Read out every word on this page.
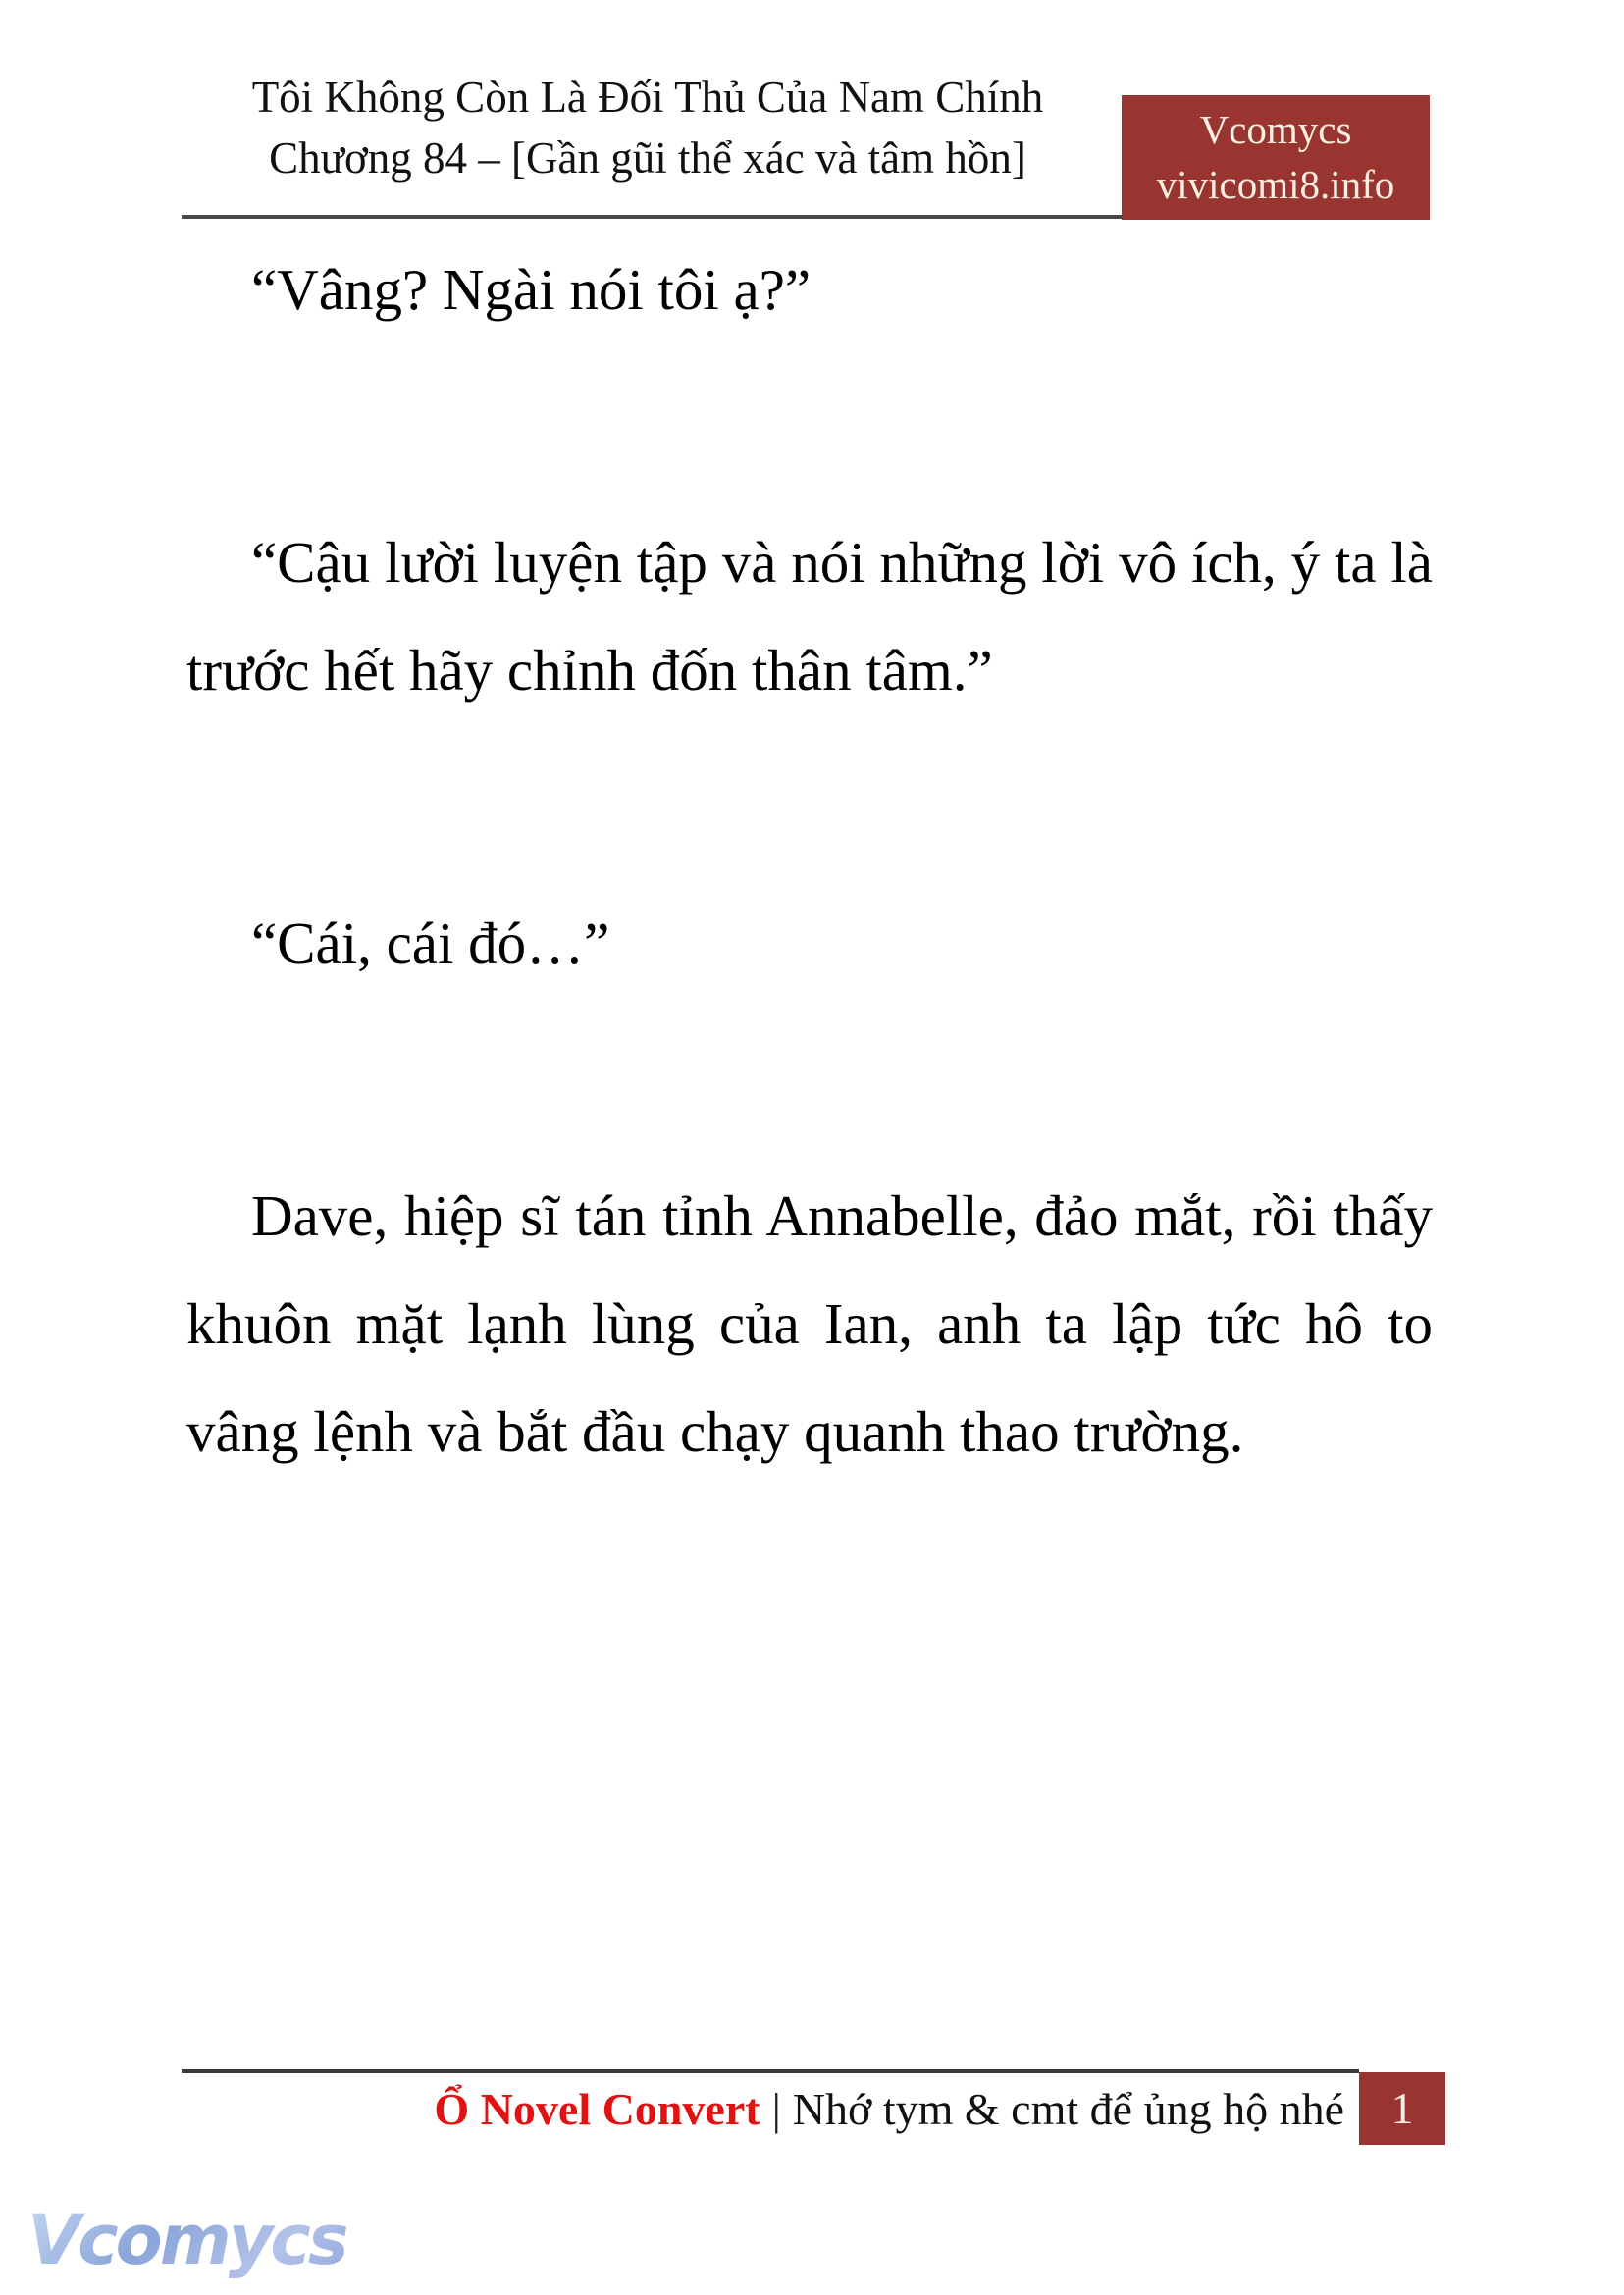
Tôi Không Còn Là Đối Thủ Của Nam Chính
Chương 84 – [Gần gũi thể xác và tâm hồn]
Vcomycs
vivicomi8.info

“Vâng? Ngài nói tôi ạ?”

“Cậu lười luyện tập và nói những lời vô ích, ý ta là trước hết hãy chỉnh đốn thân tâm.”

“Cái, cái đó…”

Dave, hiệp sĩ tán tỉnh Annabelle, đảo mắt, rồi thấy khuôn mặt lạnh lùng của Ian, anh ta lập tức hô to vâng lệnh và bắt đầu chạy quanh thao trường.

Ổ Novel Convert | Nhớ tym & cmt để ủng hộ nhé	1
Vcomycs
